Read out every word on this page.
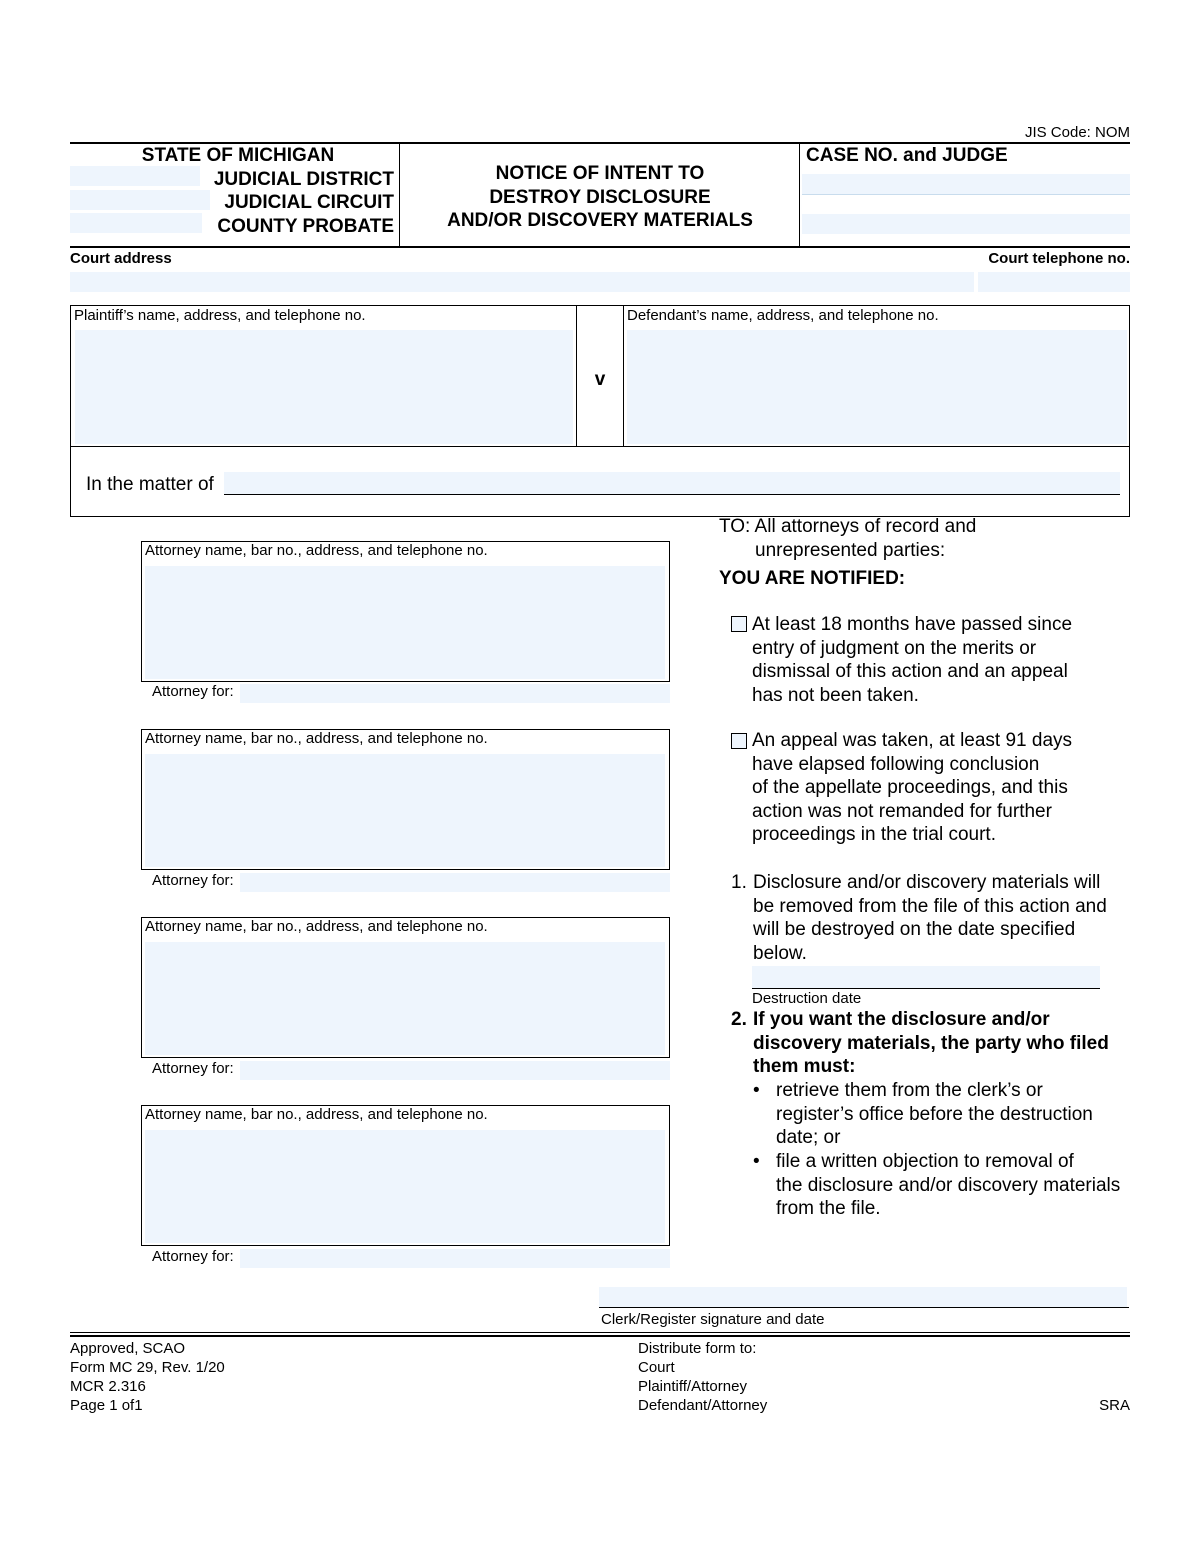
JIS Code: NOM
STATE OF MICHIGAN
JUDICIAL DISTRICT
JUDICIAL CIRCUIT
COUNTY PROBATE
NOTICE OF INTENT TO
DESTROY DISCLOSURE
AND/OR DISCOVERY MATERIALS
CASE NO. and JUDGE
Court address	Court telephone no.
Plaintiff’s name, address, and telephone no.
v
Defendant’s name, address, and telephone no.
In the matter of
Attorney name, bar no., address, and telephone no.
Attorney for:
Attorney name, bar no., address, and telephone no.
Attorney for:
Attorney name, bar no., address, and telephone no.
Attorney for:
Attorney name, bar no., address, and telephone no.
Attorney for:
TO: All attorneys of record and
unrepresented parties:
YOU ARE NOTIFIED:
At least 18 months have passed since
entry of judgment on the merits or
dismissal of this action and an appeal
has not been taken.
An appeal was taken, at least 91 days
have elapsed following conclusion
of the appellate proceedings, and this
action was not remanded for further
proceedings in the trial court.
1. Disclosure and/or discovery materials will
be removed from the file of this action and
will be destroyed on the date specified
below.
Destruction date
2. If you want the disclosure and/or
discovery materials, the party who filed
them must:
• retrieve them from the clerk’s or
register’s office before the destruction
date; or
• file a written objection to removal of
the disclosure and/or discovery materials
from the file.
Clerk/Register signature and date
Approved, SCAO
Form MC 29, Rev. 1/20
MCR 2.316
Page 1 of1
Distribute form to:
Court
Plaintiff/Attorney
Defendant/Attorney	SRA
